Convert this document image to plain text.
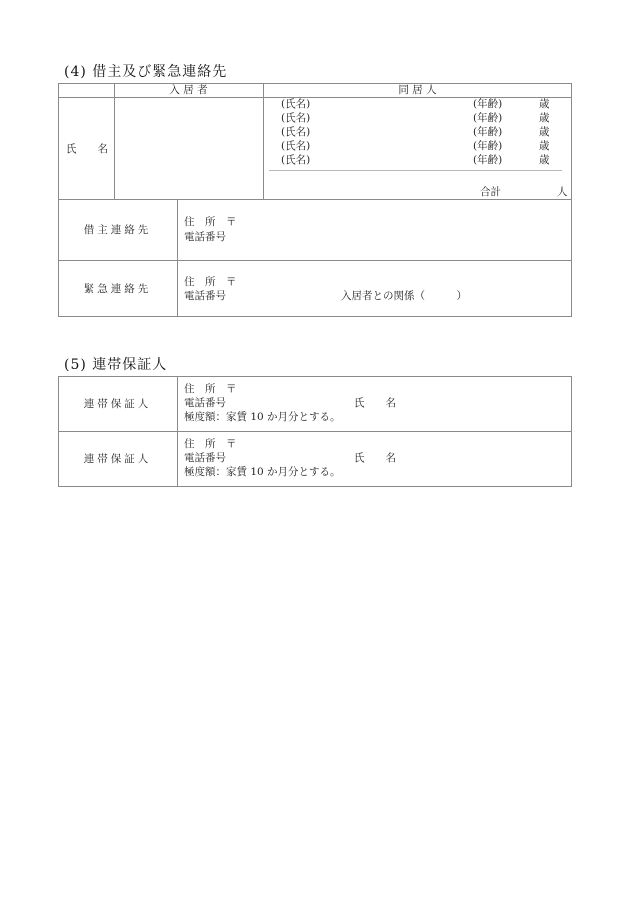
(4) 借主及び緊急連絡先
入 居 者	同 居 人
氏　　名
(氏名)	(年齢)	歳
(氏名)	(年齢)	歳
(氏名)	(年齢)	歳
(氏名)	(年齢)	歳
(氏名)	(年齢)	歳
合計	人
借主連絡先
住　所　〒
電話番号
緊急連絡先
住　所　〒
電話番号	入居者との関係（　　　）
(5) 連帯保証人
連帯保証人
住　所　〒
電話番号	氏　　名
極度額：家賃 10 か月分とする。
連帯保証人
住　所　〒
電話番号	氏　　名
極度額：家賃 10 か月分とする。
